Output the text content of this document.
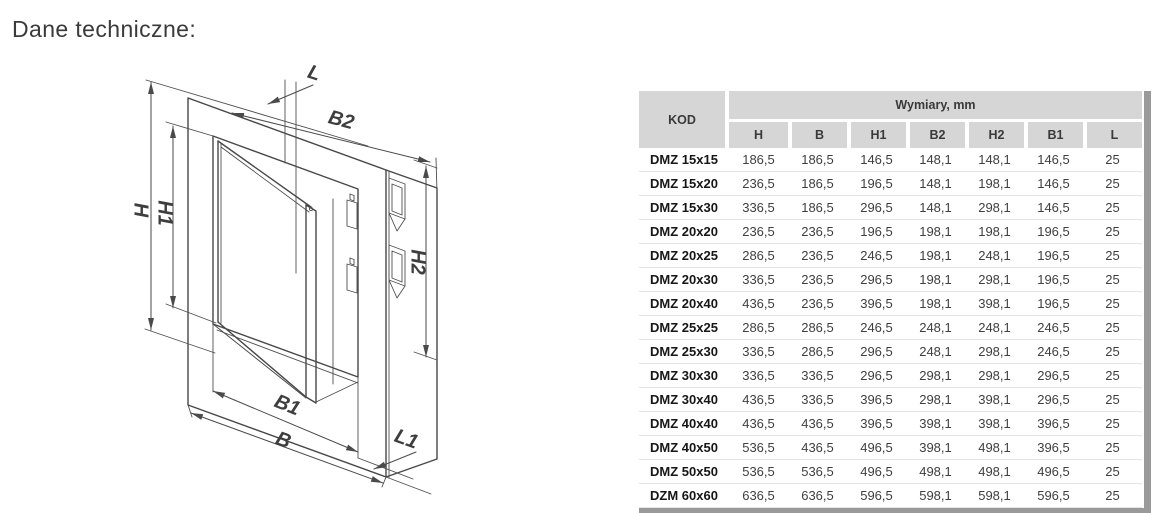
Dane techniczne:
H H1
H2
B2
L
B1
B	L1
KOD	Wymiary, mm						
	H	B	H1	B2	H2	B1	L
DMZ 15x15	186,5	186,5	146,5	148,1	148,1	146,5	25
DMZ 15x20	236,5	186,5	196,5	148,1	198,1	146,5	25
DMZ 15x30	336,5	186,5	296,5	148,1	298,1	146,5	25
DMZ 20x20	236,5	236,5	196,5	198,1	198,1	196,5	25
DMZ 20x25	286,5	236,5	246,5	198,1	248,1	196,5	25
DMZ 20x30	336,5	236,5	296,5	198,1	298,1	196,5	25
DMZ 20x40	436,5	236,5	396,5	198,1	398,1	196,5	25
DMZ 25x25	286,5	286,5	246,5	248,1	248,1	246,5	25
DMZ 25x30	336,5	286,5	296,5	248,1	298,1	246,5	25
DMZ 30x30	336,5	336,5	296,5	298,1	298,1	296,5	25
DMZ 30x40	436,5	336,5	396,5	298,1	398,1	296,5	25
DMZ 40x40	436,5	436,5	396,5	398,1	398,1	396,5	25
DMZ 40x50	536,5	436,5	496,5	398,1	498,1	396,5	25
DMZ 50x50	536,5	536,5	496,5	498,1	498,1	496,5	25
DZM 60x60	636,5	636,5	596,5	598,1	598,1	596,5	25
